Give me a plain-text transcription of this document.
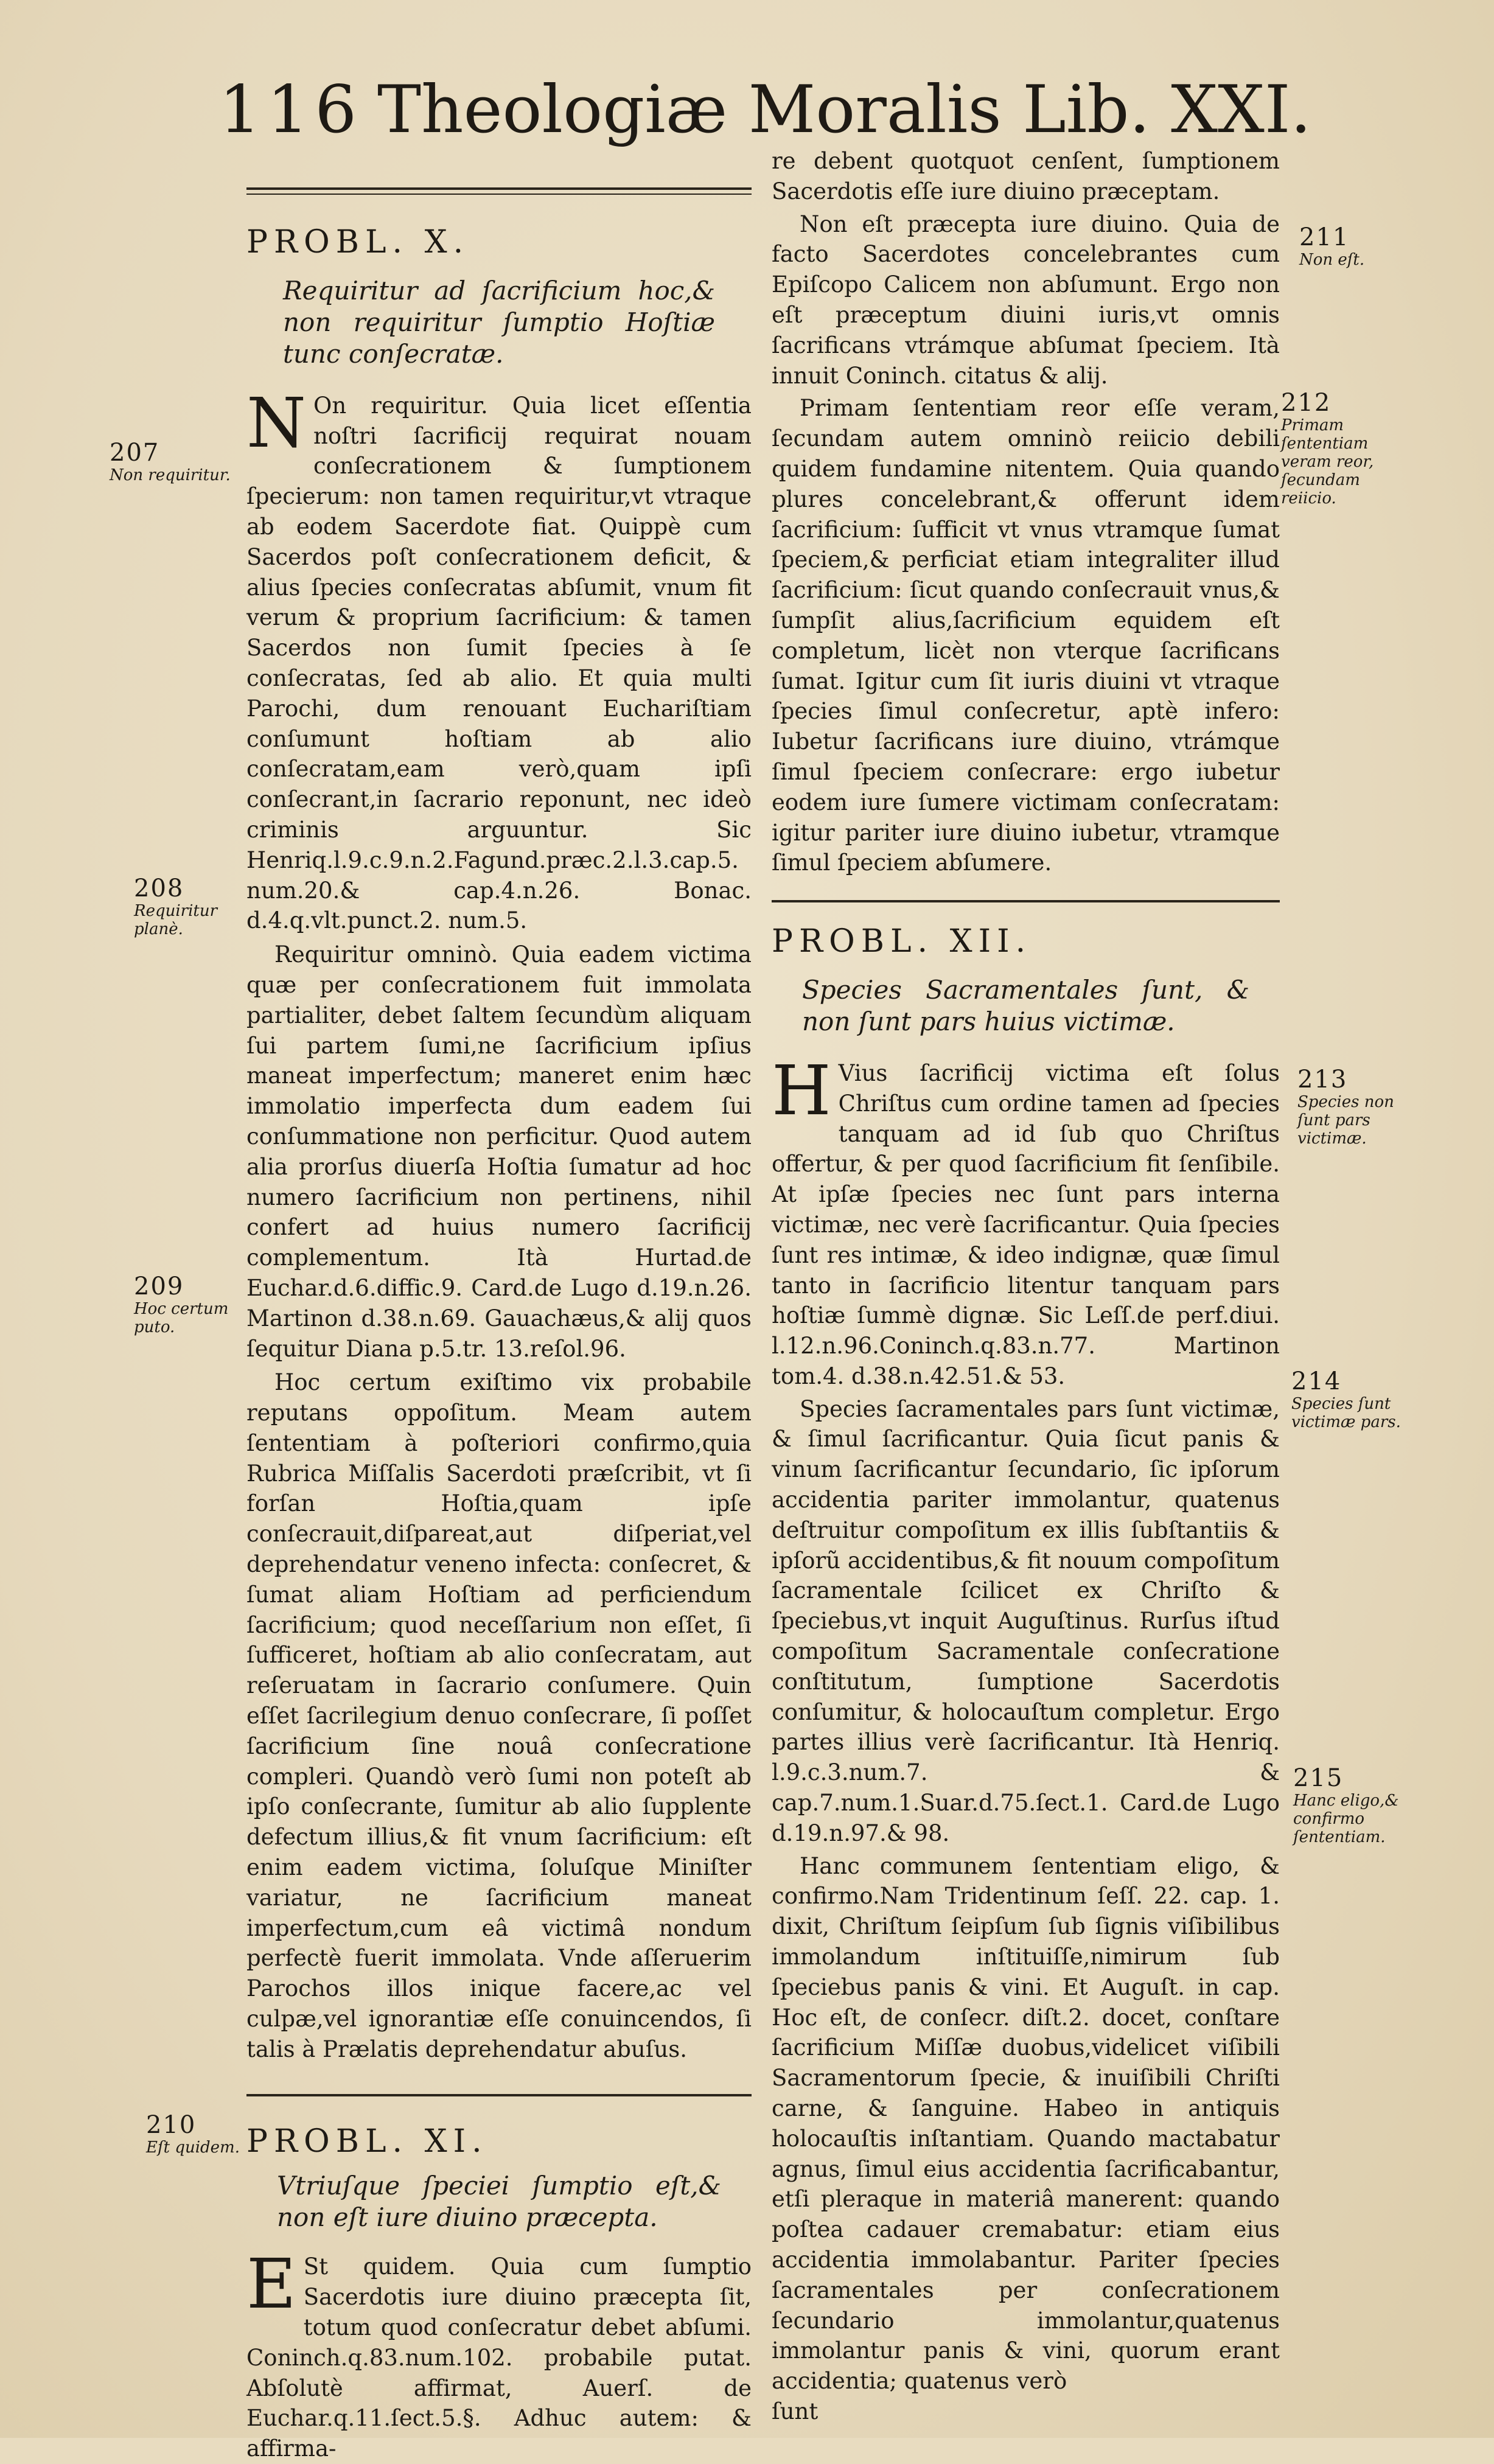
116 Theologiæ Moralis Lib. XXI.

PROBL. X.

Requiritur ad ſacrificium hoc,& non requiritur ſumptio Hoſtiæ tunc conſecratæ.

N On requiritur. Quia licet eſſentia noſtri ſacrificij requirat nouam conſecrationem & ſumptionem ſpecierum: non tamen requiritur,vt vtraque ab eodem Sacerdote fiat. Quippè cum Sacerdos poſt conſecrationem deficit, & alius ſpecies conſecratas abſumit, vnum fit verum & proprium ſacrificium: & tamen Sacerdos non ſumit ſpecies à ſe conſecratas, ſed ab alio. Et quia multi Parochi, dum renouant Euchariſtiam conſumunt hoſtiam ab alio conſecratam,eam verò,quam ipſi conſecrant,in ſacrario reponunt, nec ideò criminis arguuntur. Sic Henriq.l.9.c.9.n.2.Fagund.præc.2.l.3.cap.5. num.20.& cap.4.n.26. Bonac. d.4.q.vlt.punct.2. num.5.

Requiritur omninò. Quia eadem victima quæ per conſecrationem fuit immolata partialiter, debet ſaltem ſecundùm aliquam ſui partem ſumi,ne ſacrificium ipſius maneat imperfectum; maneret enim hæc immolatio imperfecta dum eadem ſui conſummatione non perficitur. Quod autem alia prorſus diuerſa Hoſtia ſumatur ad hoc numero ſacrificium non pertinens, nihil confert ad huius numero ſacrificij complementum. Ità Hurtad.de Euchar.d.6.diffic.9. Card.de Lugo d.19.n.26. Martinon d.38.n.69. Gauachæus,& alij quos ſequitur Diana p.5.tr. 13.reſol.96.

Hoc certum exiſtimo vix probabile reputans oppoſitum. Meam autem ſententiam à poſteriori confirmo,quia Rubrica Miſſalis Sacerdoti præſcribit, vt ſi forſan Hoſtia,quam ipſe conſecrauit,diſpareat,aut diſperiat,vel deprehendatur veneno infecta: conſecret, & ſumat aliam Hoſtiam ad perficiendum ſacrificium; quod neceſſarium non eſſet, ſi ſufficeret, hoſtiam ab alio conſecratam, aut reſeruatam in ſacrario conſumere. Quin eſſet ſacrilegium denuo conſecrare, ſi poſſet ſacrificium ſine nouâ conſecratione compleri. Quandò verò ſumi non poteſt ab ipſo conſecrante, ſumitur ab alio ſupplente defectum illius,& fit vnum ſacrificium: eſt enim eadem victima, ſoluſque Miniſter variatur, ne ſacrificium maneat imperfectum,cum eâ victimâ nondum perfectè fuerit immolata. Vnde aſſeruerim Parochos illos inique facere,ac vel culpæ,vel ignorantiæ eſſe conuincendos, ſi talis à Prælatis deprehendatur abuſus.

PROBL. XI.

Vtriuſque ſpeciei ſumptio eſt,& non eſt iure diuino præcepta.

E St quidem. Quia cum ſumptio Sacerdotis iure diuino præcepta ſit, totum quod conſecratur debet abſumi. Coninch.q.83.num.102. probabile putat. Abſolutè affirmat, Auerſ. de Euchar.q.11.ſect.5.§. Adhuc autem: & affirma-

re debent quotquot cenſent, ſumptionem Sacerdotis eſſe iure diuino præceptam.

Non eſt præcepta iure diuino. Quia de facto Sacerdotes concelebrantes cum Epiſcopo Calicem non abſumunt. Ergo non eſt præceptum diuini iuris,vt omnis ſacrificans vtrámque abſumat ſpeciem. Ità innuit Coninch. citatus & alij.

Primam ſententiam reor eſſe veram, ſecundam autem omninò reiicio debili quidem fundamine nitentem. Quia quando plures concelebrant,& offerunt idem ſacrificium: ſufficit vt vnus vtramque ſumat ſpeciem,& perficiat etiam integraliter illud ſacrificium: ſicut quando conſecrauit vnus,& ſumpſit alius,ſacrificium equidem eſt completum, licèt non vterque ſacrificans ſumat. Igitur cum ſit iuris diuini vt vtraque ſpecies ſimul conſecretur, aptè infero: Iubetur ſacrificans iure diuino, vtrámque ſimul ſpeciem conſecrare: ergo iubetur eodem iure ſumere victimam conſecratam: igitur pariter iure diuino iubetur, vtramque ſimul ſpeciem abſumere.

PROBL. XII.

Species Sacramentales ſunt, & non ſunt pars huius victimæ.

H Vius ſacrificij victima eſt ſolus Chriſtus cum ordine tamen ad ſpecies tanquam ad id ſub quo Chriſtus offertur, & per quod ſacrificium fit ſenſibile. At ipſæ ſpecies nec ſunt pars interna victimæ, nec verè ſacrificantur. Quia ſpecies ſunt res intimæ, & ideo indignæ, quæ ſimul tanto in ſacrificio litentur tanquam pars hoſtiæ ſummè dignæ. Sic Leſſ.de perf.diui. l.12.n.96.Coninch.q.83.n.77. Martinon tom.4. d.38.n.42.51.& 53.

Species ſacramentales pars ſunt victimæ, & ſimul ſacrificantur. Quia ſicut panis & vinum ſacrificantur ſecundario, ſic ipſorum accidentia pariter immolantur, quatenus deſtruitur compoſitum ex illis ſubſtantiis & ipſorũ accidentibus,& fit nouum compoſitum ſacramentale ſcilicet ex Chriſto & ſpeciebus,vt inquit Auguſtinus. Rurſus iſtud compoſitum Sacramentale conſecratione conſtitutum, ſumptione Sacerdotis conſumitur, & holocauſtum completur. Ergo partes illius verè ſacrificantur. Ità Henriq. l.9.c.3.num.7. & cap.7.num.1.Suar.d.75.ſect.1. Card.de Lugo d.19.n.97.& 98.

Hanc communem ſententiam eligo, & confirmo.Nam Tridentinum ſeſſ. 22. cap. 1. dixit, Chriſtum ſeipſum ſub ſignis viſibilibus immolandum inſtituiſſe,nimirum ſub ſpeciebus panis & vini. Et Auguſt. in cap. Hoc eſt, de conſecr. diſt.2. docet, conſtare ſacrificium Miſſæ duobus,videlicet viſibili Sacramentorum ſpecie, & inuiſibili Chriſti carne, & ſanguine. Habeo in antiquis holocauſtis inſtantiam. Quando mactabatur agnus, ſimul eius accidentia ſacrificabantur, etſi pleraque in materiâ manerent: quando poſtea cadauer cremabatur: etiam eius accidentia immolabantur. Pariter ſpecies ſacramentales per conſecrationem ſecundario immolantur,quatenus immolantur panis & vini, quorum erant accidentia; quatenus verò

ſunt

207
Non requiritur.
208
Requiritur planè.
209
Hoc certum puto.
210
Eſt quidem.
211
Non eſt.
212
Primam ſententiam veram reor, ſecundam reiicio.
213
Species non ſunt pars victimæ.
214
Species ſunt victimæ pars.
215
Hanc eligo,& confirmo ſententiam.
